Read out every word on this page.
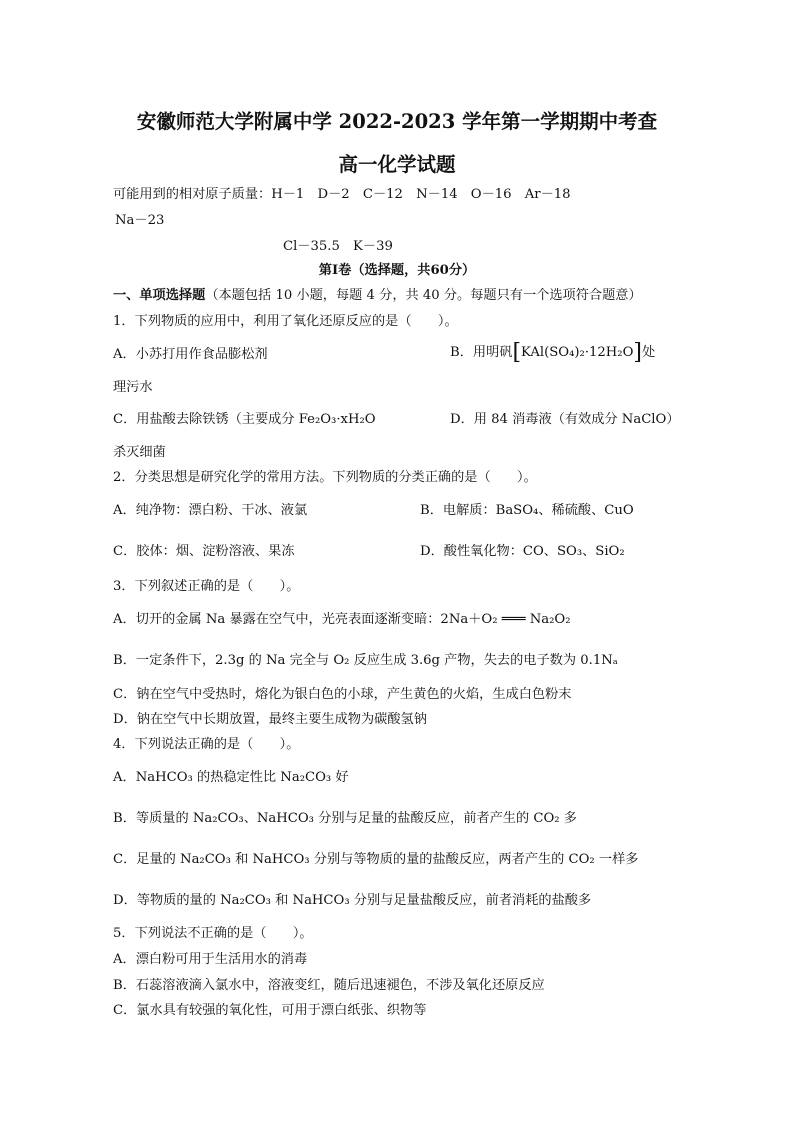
安徽师范大学附属中学 2022-2023 学年第一学期期中考查
高一化学试题
可能用到的相对原子质量：H－1　D－2　C－12　N－14　O－16　Ar－18
Na－23
Cl－35.5　K－39
第Ⅰ卷（选择题，共60分）
一、单项选择题（本题包括 10 小题，每题 4 分，共 40 分。每题只有一个选项符合题意）
1．下列物质的应用中，利用了氧化还原反应的是（　　）。
A．小苏打用作食品膨松剂	B．用明矾[KAl(SO₄)₂·12H₂O]处
理污水
C．用盐酸去除铁锈（主要成分 Fe₂O₃·xH₂O	D．用 84 消毒液（有效成分 NaClO）
杀灭细菌
2．分类思想是研究化学的常用方法。下列物质的分类正确的是（　　）。
A．纯净物：漂白粉、干冰、液氯	B．电解质：BaSO₄、稀硫酸、CuO
C．胶体：烟、淀粉溶液、果冻	D．酸性氧化物：CO、SO₃、SiO₂
3．下列叙述正确的是（　　）。
A．切开的金属 Na 暴露在空气中，光亮表面逐渐变暗：2Na＋O₂ ═══ Na₂O₂
B．一定条件下，2.3g 的 Na 完全与 O₂ 反应生成 3.6g 产物，失去的电子数为 0.1Nₐ
C．钠在空气中受热时，熔化为银白色的小球，产生黄色的火焰，生成白色粉末
D．钠在空气中长期放置，最终主要生成物为碳酸氢钠
4．下列说法正确的是（　　）。
A．NaHCO₃ 的热稳定性比 Na₂CO₃ 好
B．等质量的 Na₂CO₃、NaHCO₃ 分别与足量的盐酸反应，前者产生的 CO₂ 多
C．足量的 Na₂CO₃ 和 NaHCO₃ 分别与等物质的量的盐酸反应，两者产生的 CO₂ 一样多
D．等物质的量的 Na₂CO₃ 和 NaHCO₃ 分别与足量盐酸反应，前者消耗的盐酸多
5．下列说法不正确的是（　　）。
A．漂白粉可用于生活用水的消毒
B．石蕊溶液滴入氯水中，溶液变红，随后迅速褪色，不涉及氧化还原反应
C．氯水具有较强的氧化性，可用于漂白纸张、织物等
